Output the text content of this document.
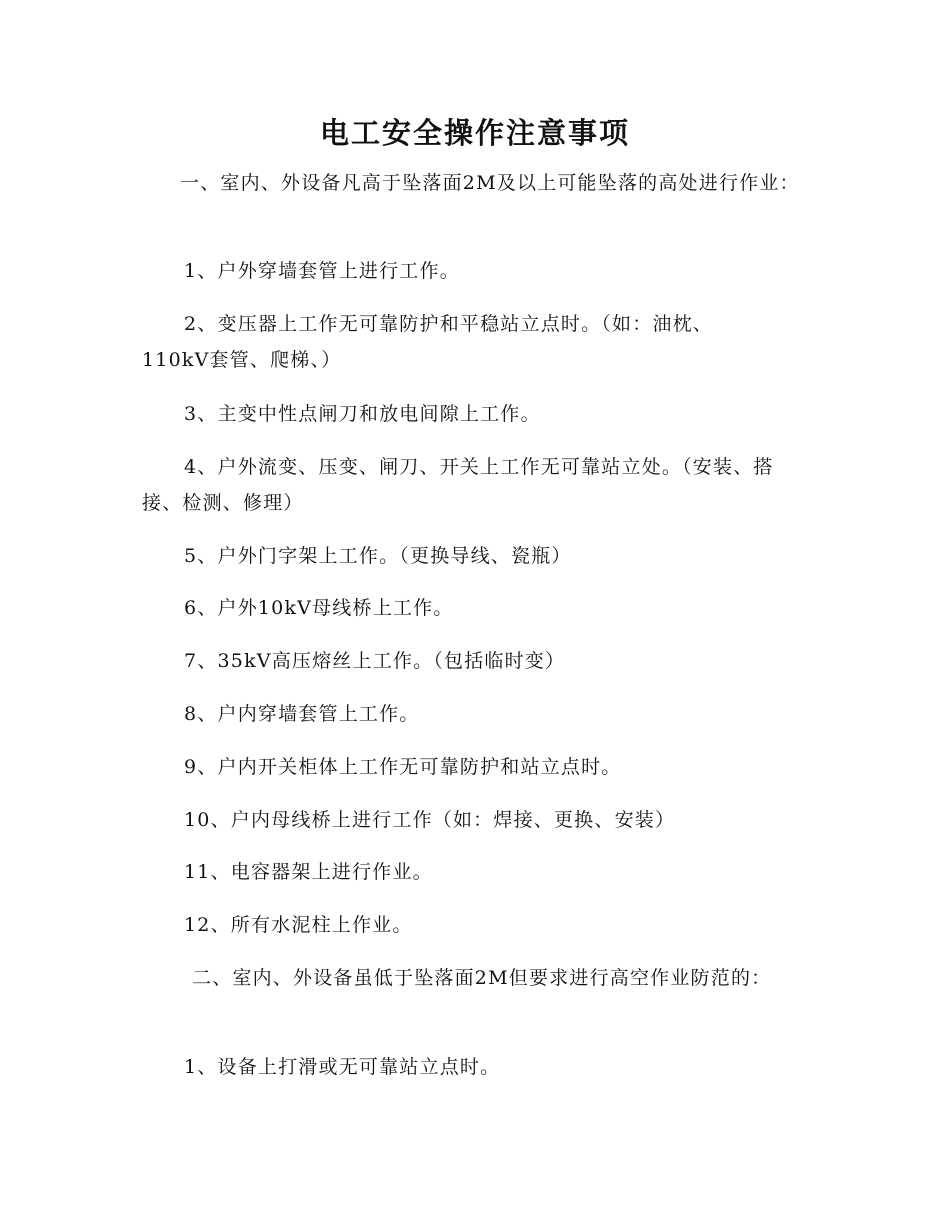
电工安全操作注意事项
一、室内、外设备凡高于坠落面2M及以上可能坠落的高处进行作业：
1、户外穿墙套管上进行工作。
2、变压器上工作无可靠防护和平稳站立点时。（如：油枕、110kV套管、爬梯、）
3、主变中性点闸刀和放电间隙上工作。
4、户外流变、压变、闸刀、开关上工作无可靠站立处。（安装、搭接、检测、修理）
5、户外门字架上工作。（更换导线、瓷瓶）
6、户外10kV母线桥上工作。
7、35kV高压熔丝上工作。（包括临时变）
8、户内穿墙套管上工作。
9、户内开关柜体上工作无可靠防护和站立点时。
10、户内母线桥上进行工作（如：焊接、更换、安装）
11、电容器架上进行作业。
12、所有水泥柱上作业。
二、室内、外设备虽低于坠落面2M但要求进行高空作业防范的：
1、设备上打滑或无可靠站立点时。
